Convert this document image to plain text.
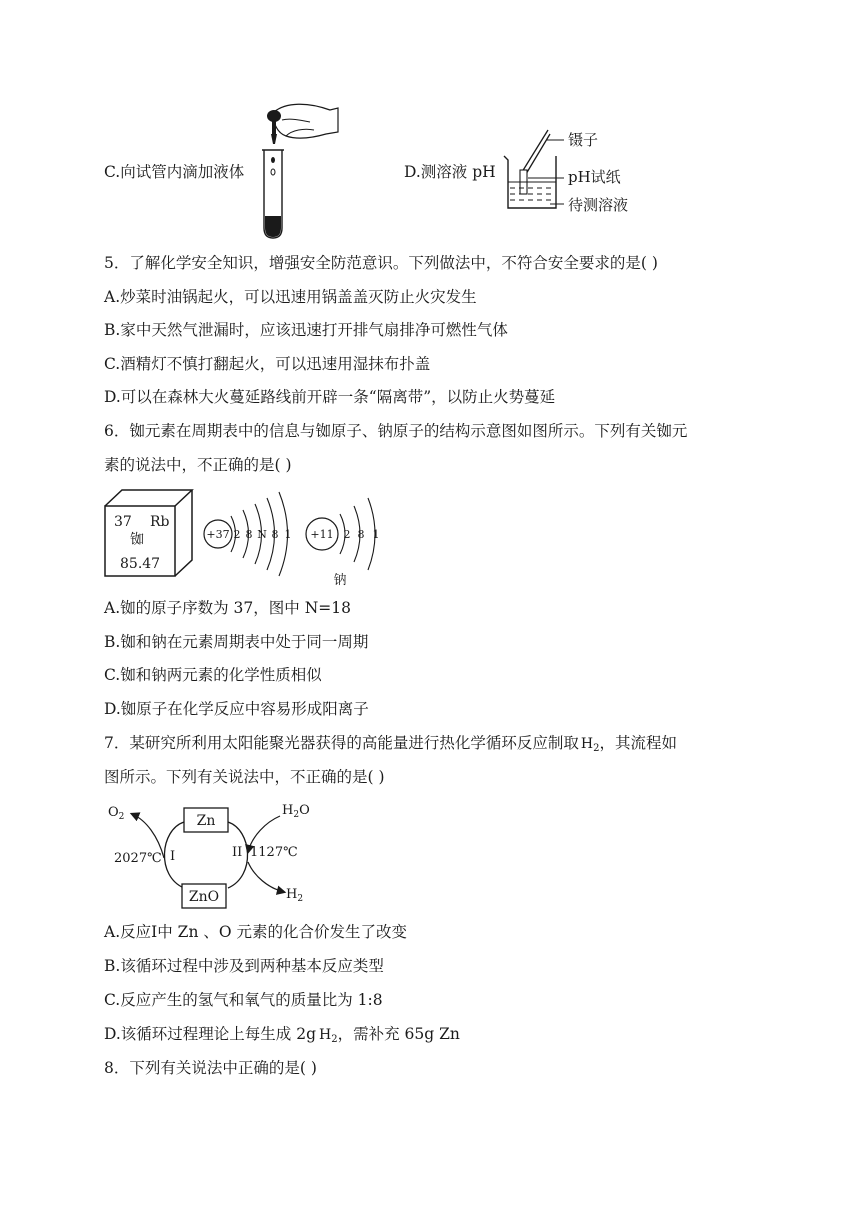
C.向试管内滴加液体	D.测溶液 pH
镊子
pH试纸
待测溶液
5．了解化学安全知识，增强安全防范意识。下列做法中，不符合安全要求的是( )
A.炒菜时油锅起火，可以迅速用锅盖盖灭防止火灾发生
B.家中天然气泄漏时，应该迅速打开排气扇排净可燃性气体
C.酒精灯不慎打翻起火，可以迅速用湿抹布扑盖
D.可以在森林大火蔓延路线前开辟一条“隔离带”，以防止火势蔓延
6．铷元素在周期表中的信息与铷原子、钠原子的结构示意图如图所示。下列有关铷元
素的说法中，不正确的是( )
37 Rb
铷
85.47
+37 2 8 N 8 1 +11 2 8 1
钠
A.铷的原子序数为 37，图中 N=18
B.铷和钠在元素周期表中处于同一周期
C.铷和钠两元素的化学性质相似
D.铷原子在化学反应中容易形成阳离子
7．某研究所利用太阳能聚光器获得的高能量进行热化学循环反应制取 $H_2$，其流程如
图所示。下列有关说法中，不正确的是( )
Zn
ZnO
$O_2$	$H_2O$
$H_2$
2027℃	1127℃
I	II
A.反应Ⅰ中 Zn 、O 元素的化合价发生了改变
B.该循环过程中涉及到两种基本反应类型
C.反应产生的氢气和氧气的质量比为 1:8
D.该循环过程理论上每生成 2g $H_2$，需补充 65g Zn
8．下列有关说法中正确的是( )
